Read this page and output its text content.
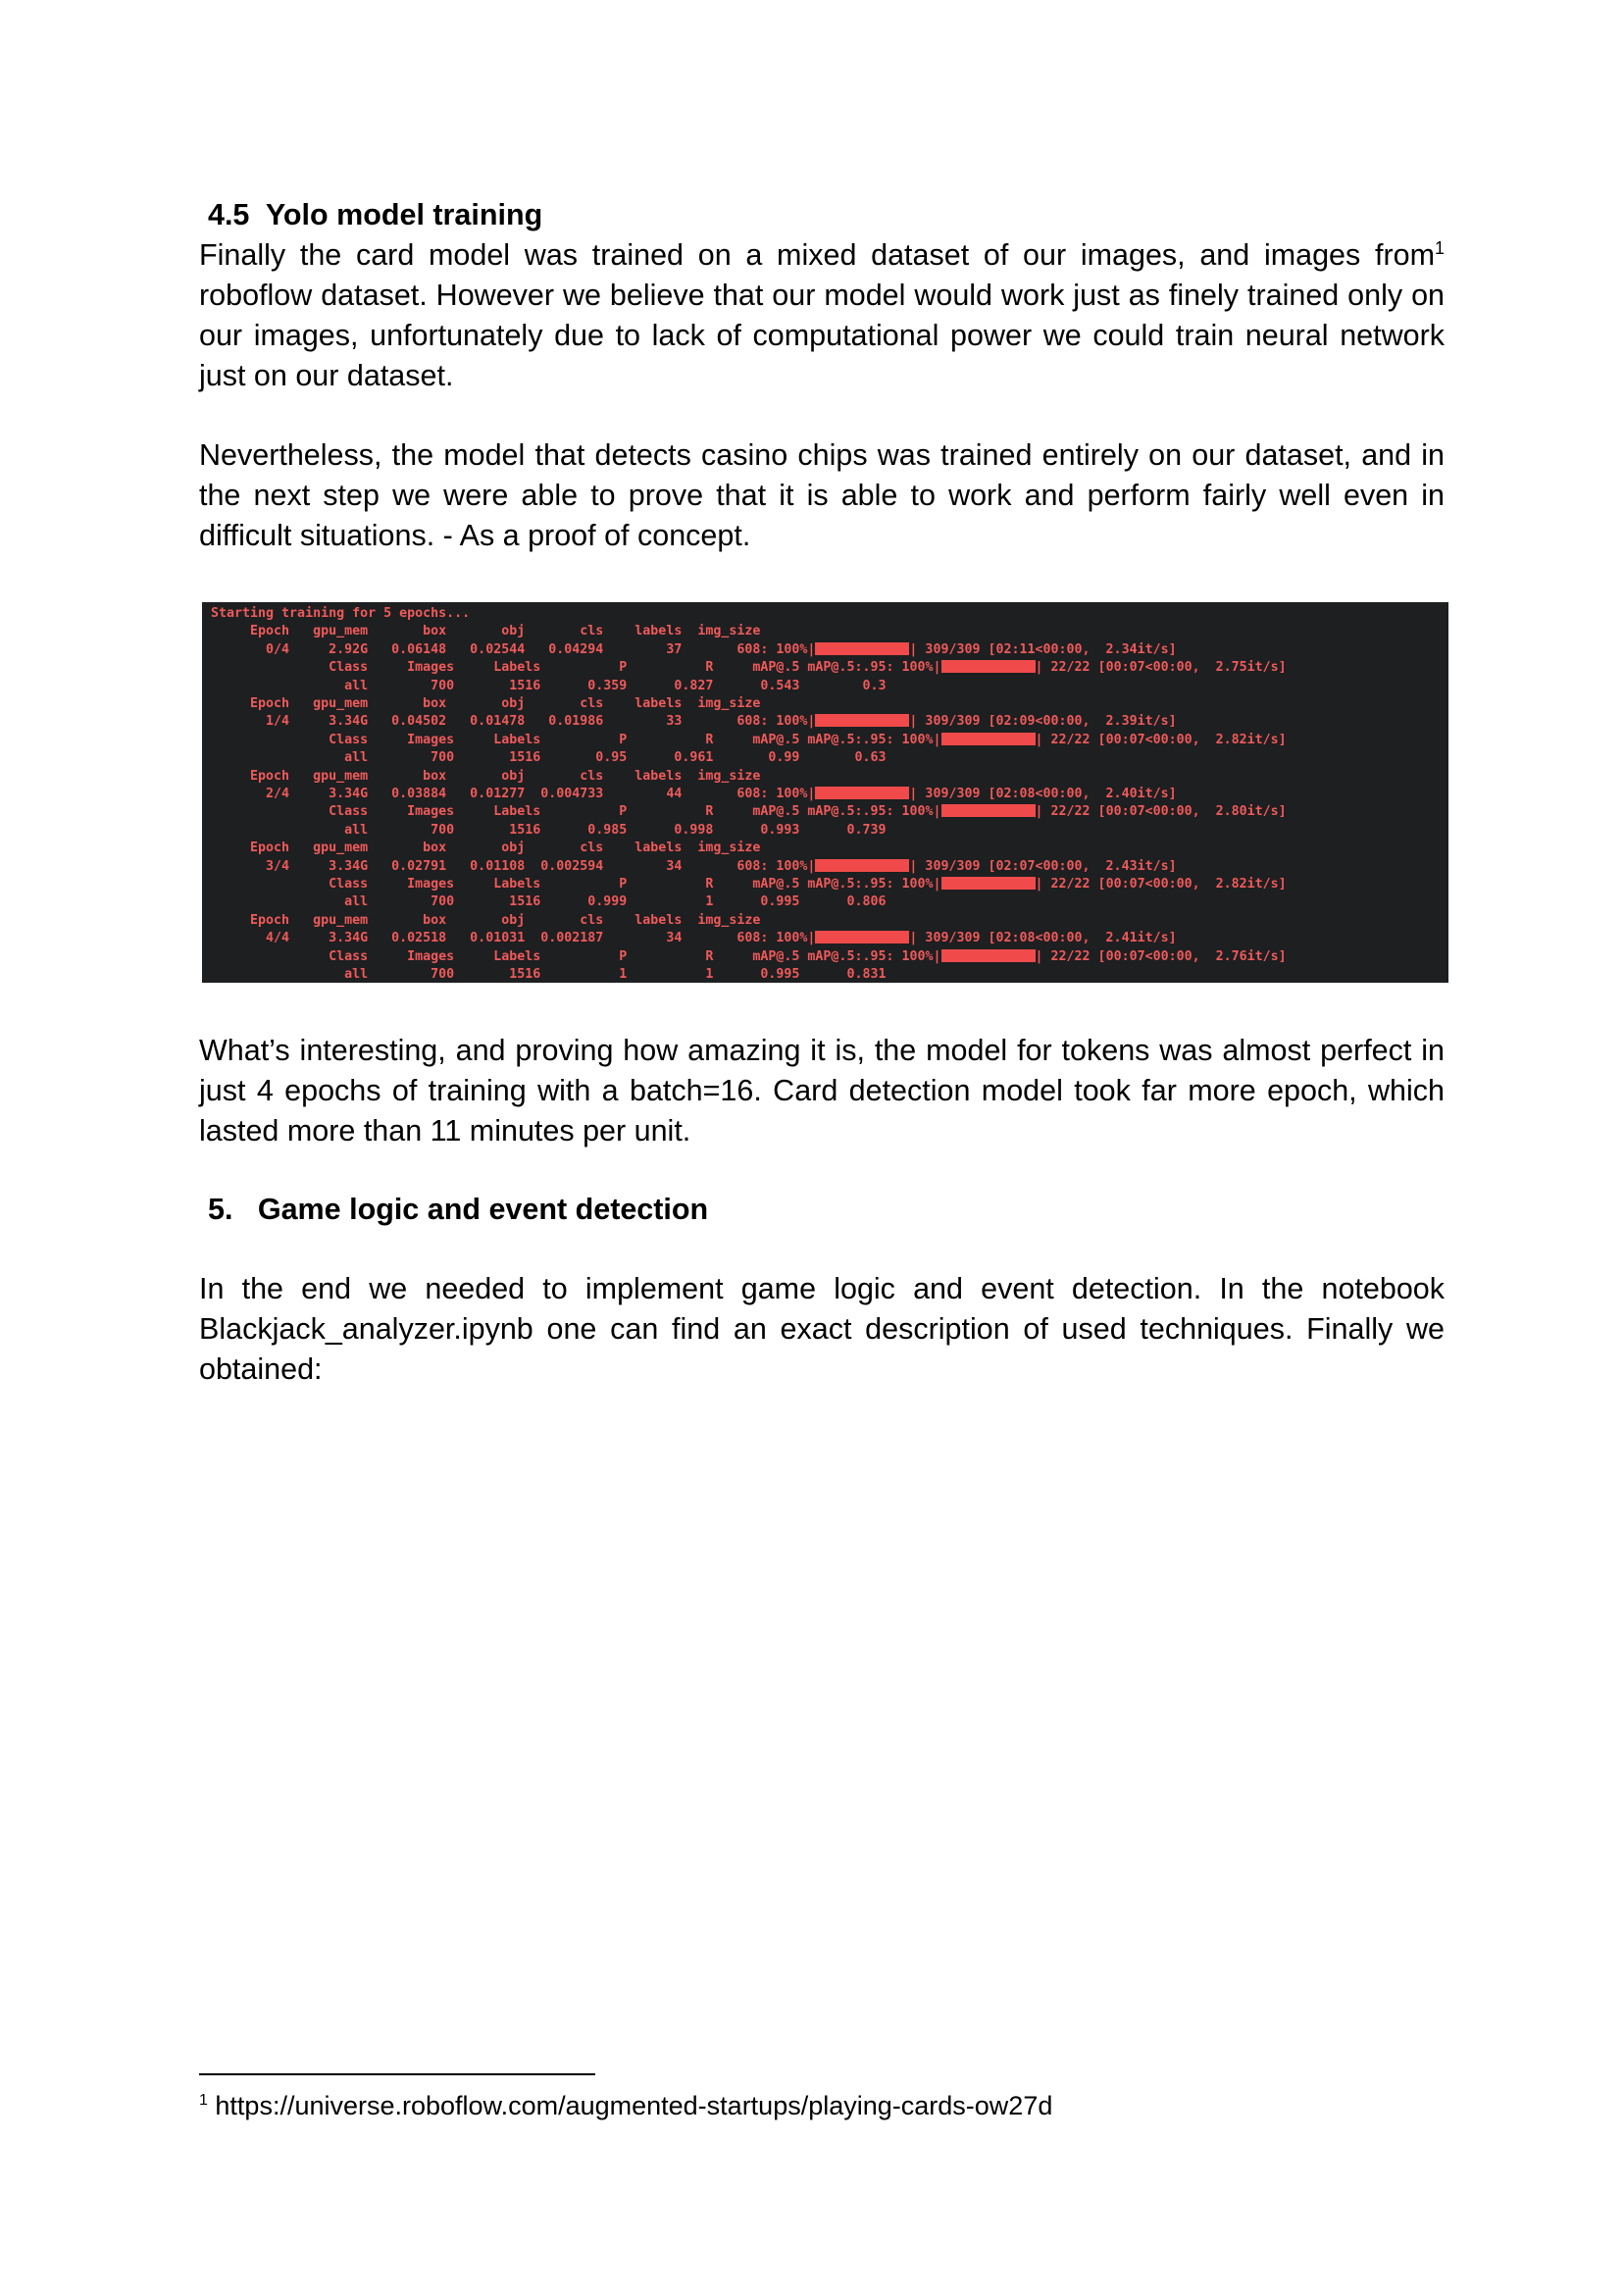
4.5 Yolo model training

Finally the card model was trained on a mixed dataset of our images, and images from$^1$ roboflow dataset. However we believe that our model would work just as finely trained only on our images, unfortunately due to lack of computational power we could train neural network just on our dataset.

Nevertheless, the model that detects casino chips was trained entirely on our dataset, and in the next step we were able to prove that it is able to work and perform fairly well even in difficult situations. - As a proof of concept.

Starting training for 5 epochs...

Epoch   gpu_mem       box       obj       cls    labels  img_size

0/4     2.92G   0.06148   0.02544   0.04294        37       608: 100%|	| 309/309 [02:11<00:00,  2.34it/s]

Class     Images     Labels          P          R     mAP@.5 mAP@.5:.95: 100%|	| 22/22 [00:07<00:00,  2.75it/s]

all        700       1516      0.359      0.827      0.543        0.3

Epoch   gpu_mem       box       obj       cls    labels  img_size

1/4     3.34G   0.04502   0.01478   0.01986        33       608: 100%|	| 309/309 [02:09<00:00,  2.39it/s]

Class     Images     Labels          P          R     mAP@.5 mAP@.5:.95: 100%|	| 22/22 [00:07<00:00,  2.82it/s]

all        700       1516       0.95      0.961       0.99       0.63

Epoch   gpu_mem       box       obj       cls    labels  img_size

2/4     3.34G   0.03884   0.01277  0.004733        44       608: 100%|	| 309/309 [02:08<00:00,  2.40it/s]

Class     Images     Labels          P          R     mAP@.5 mAP@.5:.95: 100%|	| 22/22 [00:07<00:00,  2.80it/s]

all        700       1516      0.985      0.998      0.993      0.739

Epoch   gpu_mem       box       obj       cls    labels  img_size

3/4     3.34G   0.02791   0.01108  0.002594        34       608: 100%|	| 309/309 [02:07<00:00,  2.43it/s]

Class     Images     Labels          P          R     mAP@.5 mAP@.5:.95: 100%|	| 22/22 [00:07<00:00,  2.82it/s]

all        700       1516      0.999          1      0.995      0.806

Epoch   gpu_mem       box       obj       cls    labels  img_size

4/4     3.34G   0.02518   0.01031  0.002187        34       608: 100%|	| 309/309 [02:08<00:00,  2.41it/s]

Class     Images     Labels          P          R     mAP@.5 mAP@.5:.95: 100%|	| 22/22 [00:07<00:00,  2.76it/s]

all        700       1516          1          1      0.995      0.831

What’s interesting, and proving how amazing it is, the model for tokens was almost perfect in just 4 epochs of training with a batch=16. Card detection model took far more epoch, which lasted more than 11 minutes per unit.

5. Game logic and event detection

In the end we needed to implement game logic and event detection. In the notebook Blackjack_analyzer.ipynb one can find an exact description of used techniques. Finally we obtained:

$^1$ https://universe.roboflow.com/augmented-startups/playing-cards-ow27d
